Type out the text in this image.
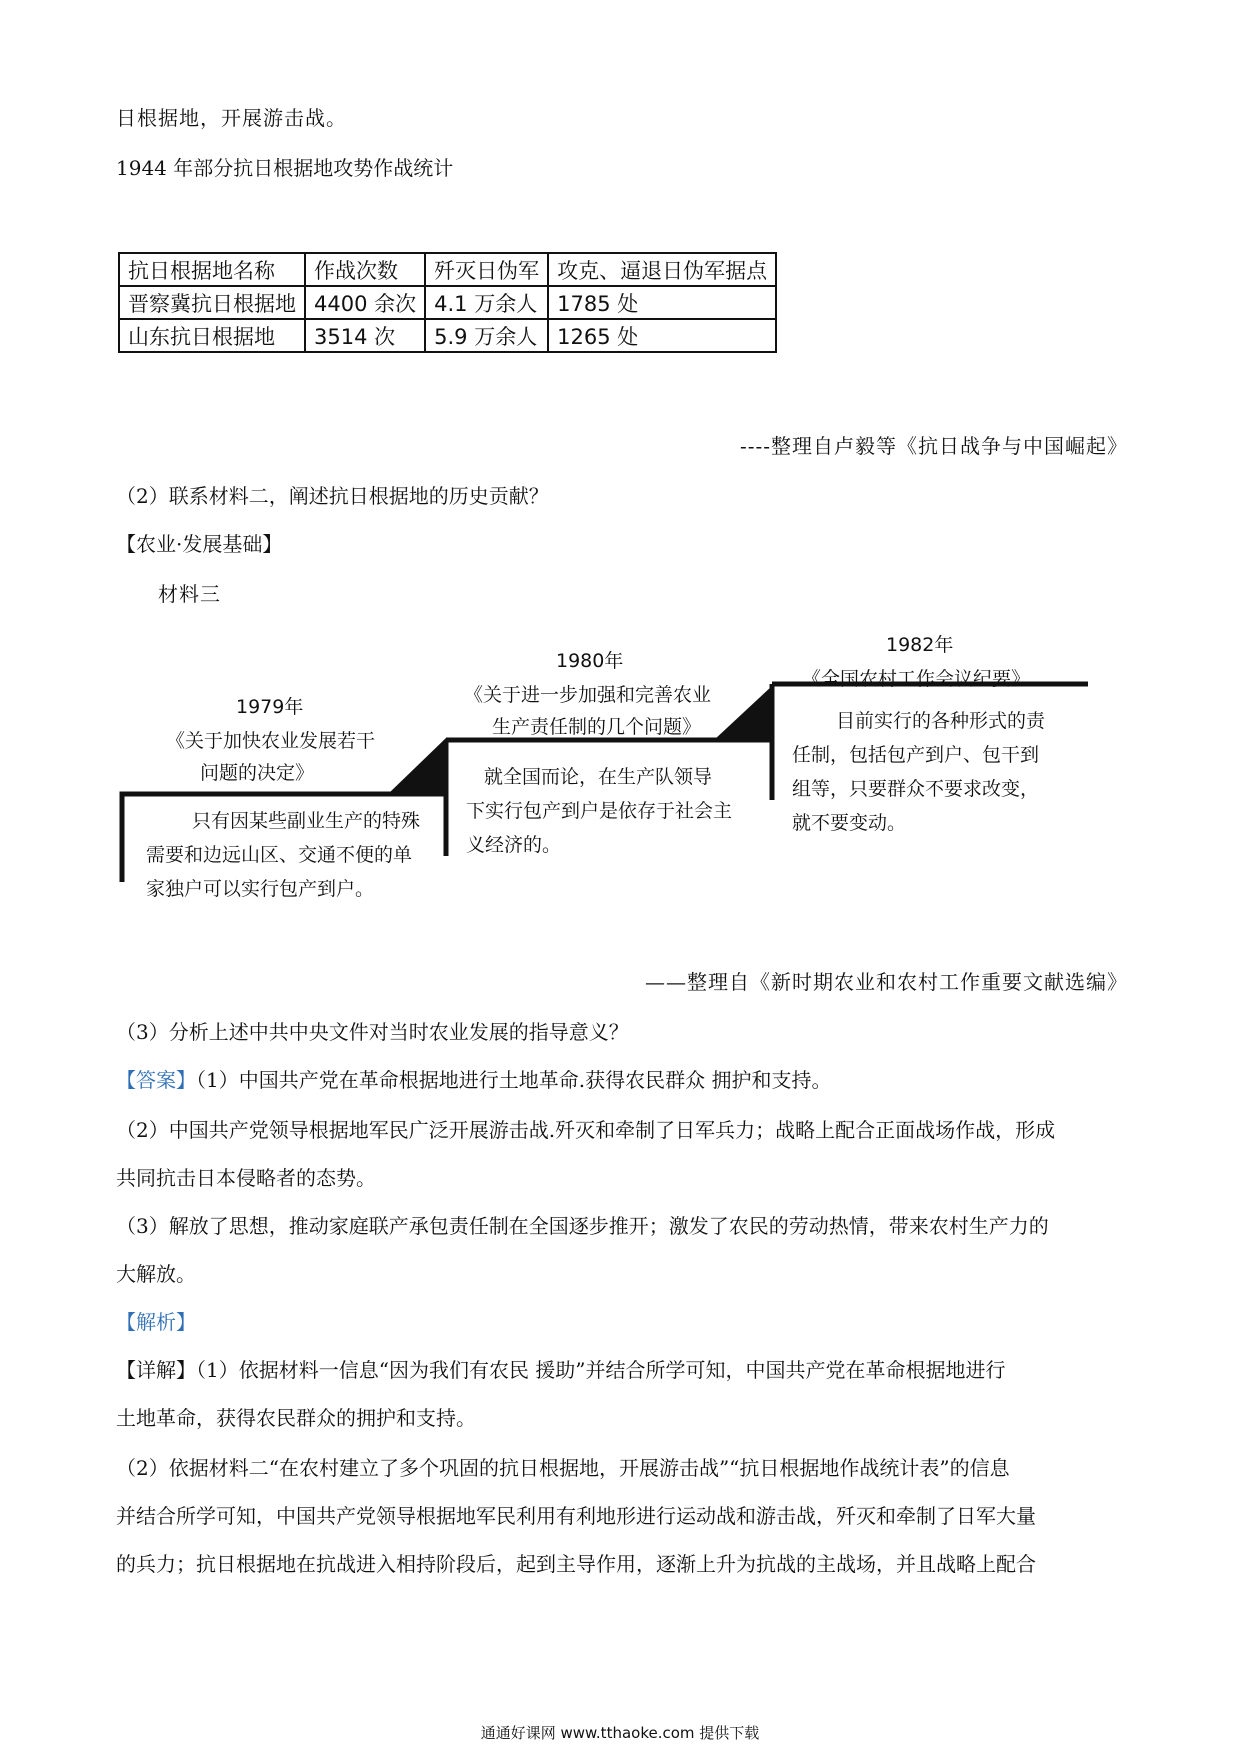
日根据地，开展游击战。
1944 年部分抗日根据地攻势作战统计
抗日根据地名称	作战次数	歼灭日伪军	攻克、逼退日伪军据点
晋察冀抗日根据地	4400 余次	4.1 万余人	1785 处
山东抗日根据地	3514 次	5.9 万余人	1265 处
----整理自卢毅等《抗日战争与中国崛起》
（2）联系材料二，阐述抗日根据地的历史贡献？
【农业·发展基础】
材料三
1979年
《关于加快农业发展若干
问题的决定》
只有因某些副业生产的特殊
需要和边远山区、交通不便的单
家独户可以实行包产到户。
1980年
《关于进一步加强和完善农业
生产责任制的几个问题》
就全国而论，在生产队领导
下实行包产到户是依存于社会主
义经济的。
1982年
《全国农村工作会议纪要》
目前实行的各种形式的责
任制，包括包产到户、包干到
组等，只要群众不要求改变，
就不要变动。
——整理自《新时期农业和农村工作重要文献选编》
（3）分析上述中共中央文件对当时农业发展的指导意义？
【答案】（1）中国共产党在革命根据地进行土地革命.获得农民群众 拥护和支持。
（2）中国共产党领导根据地军民广泛开展游击战.歼灭和牵制了日军兵力；战略上配合正面战场作战，形成
共同抗击日本侵略者的态势。
（3）解放了思想，推动家庭联产承包责任制在全国逐步推开；激发了农民的劳动热情，带来农村生产力的
大解放。
【解析】
【详解】（1）依据材料一信息“因为我们有农民 援助”并结合所学可知，中国共产党在革命根据地进行
土地革命，获得农民群众的拥护和支持。
（2）依据材料二“在农村建立了多个巩固的抗日根据地，开展游击战”“抗日根据地作战统计表”的信息
并结合所学可知，中国共产党领导根据地军民利用有利地形进行运动战和游击战，歼灭和牵制了日军大量
的兵力；抗日根据地在抗战进入相持阶段后，起到主导作用，逐渐上升为抗战的主战场，并且战略上配合
通通好课网 www.tthaoke.com 提供下载
